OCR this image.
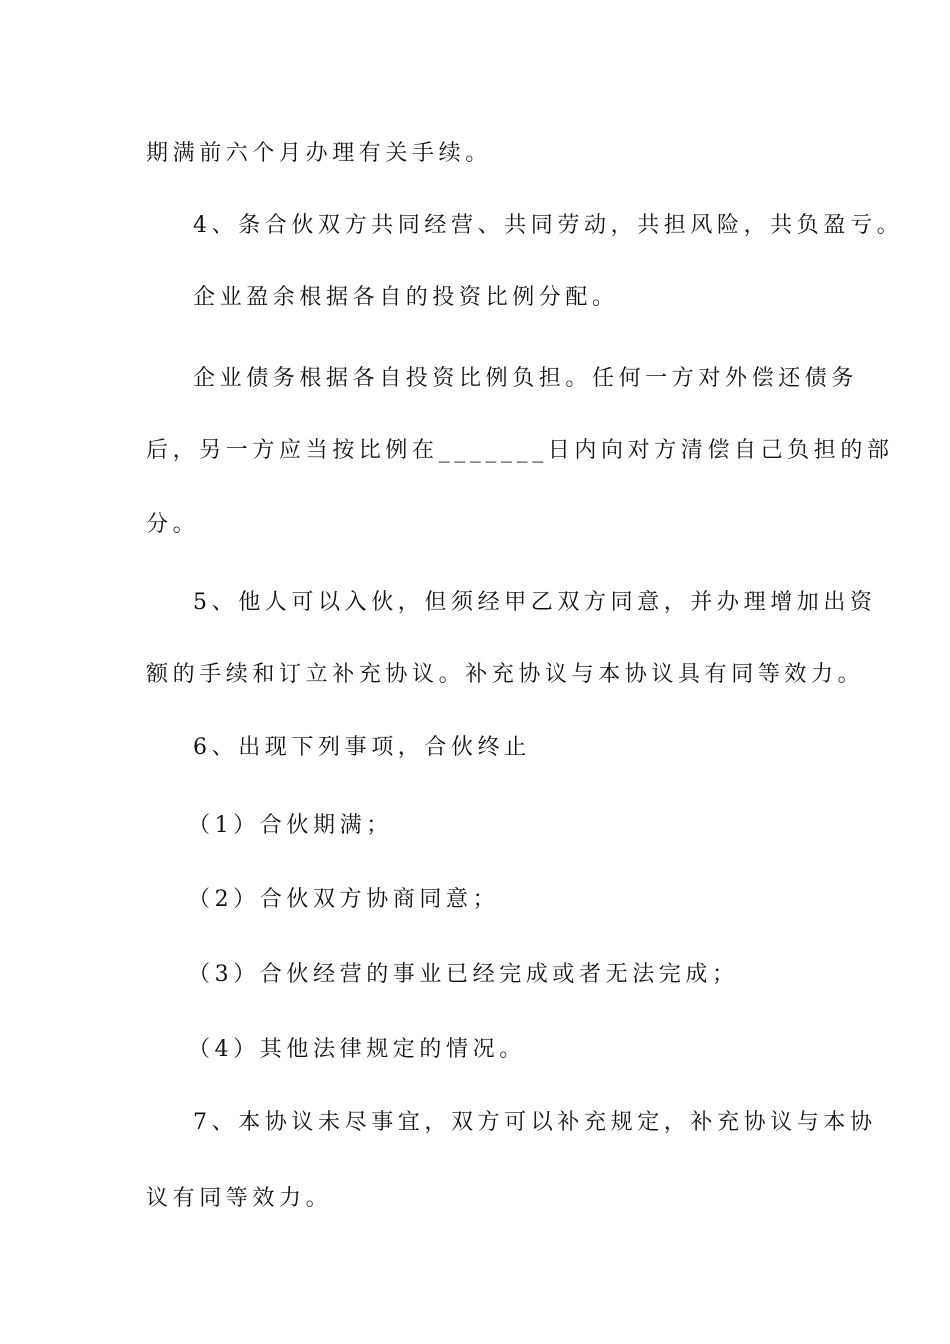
期满前六个月办理有关手续。
4、条合伙双方共同经营、共同劳动，共担风险，共负盈亏。
企业盈余根据各自的投资比例分配。
企业债务根据各自投资比例负担。任何一方对外偿还债务
后，另一方应当按比例在_______日内向对方清偿自己负担的部
分。
5、他人可以入伙，但须经甲乙双方同意，并办理增加出资
额的手续和订立补充协议。补充协议与本协议具有同等效力。
6、出现下列事项，合伙终止
（1）合伙期满；
（2）合伙双方协商同意；
（3）合伙经营的事业已经完成或者无法完成；
（4）其他法律规定的情况。
7、本协议未尽事宜，双方可以补充规定，补充协议与本协
议有同等效力。
